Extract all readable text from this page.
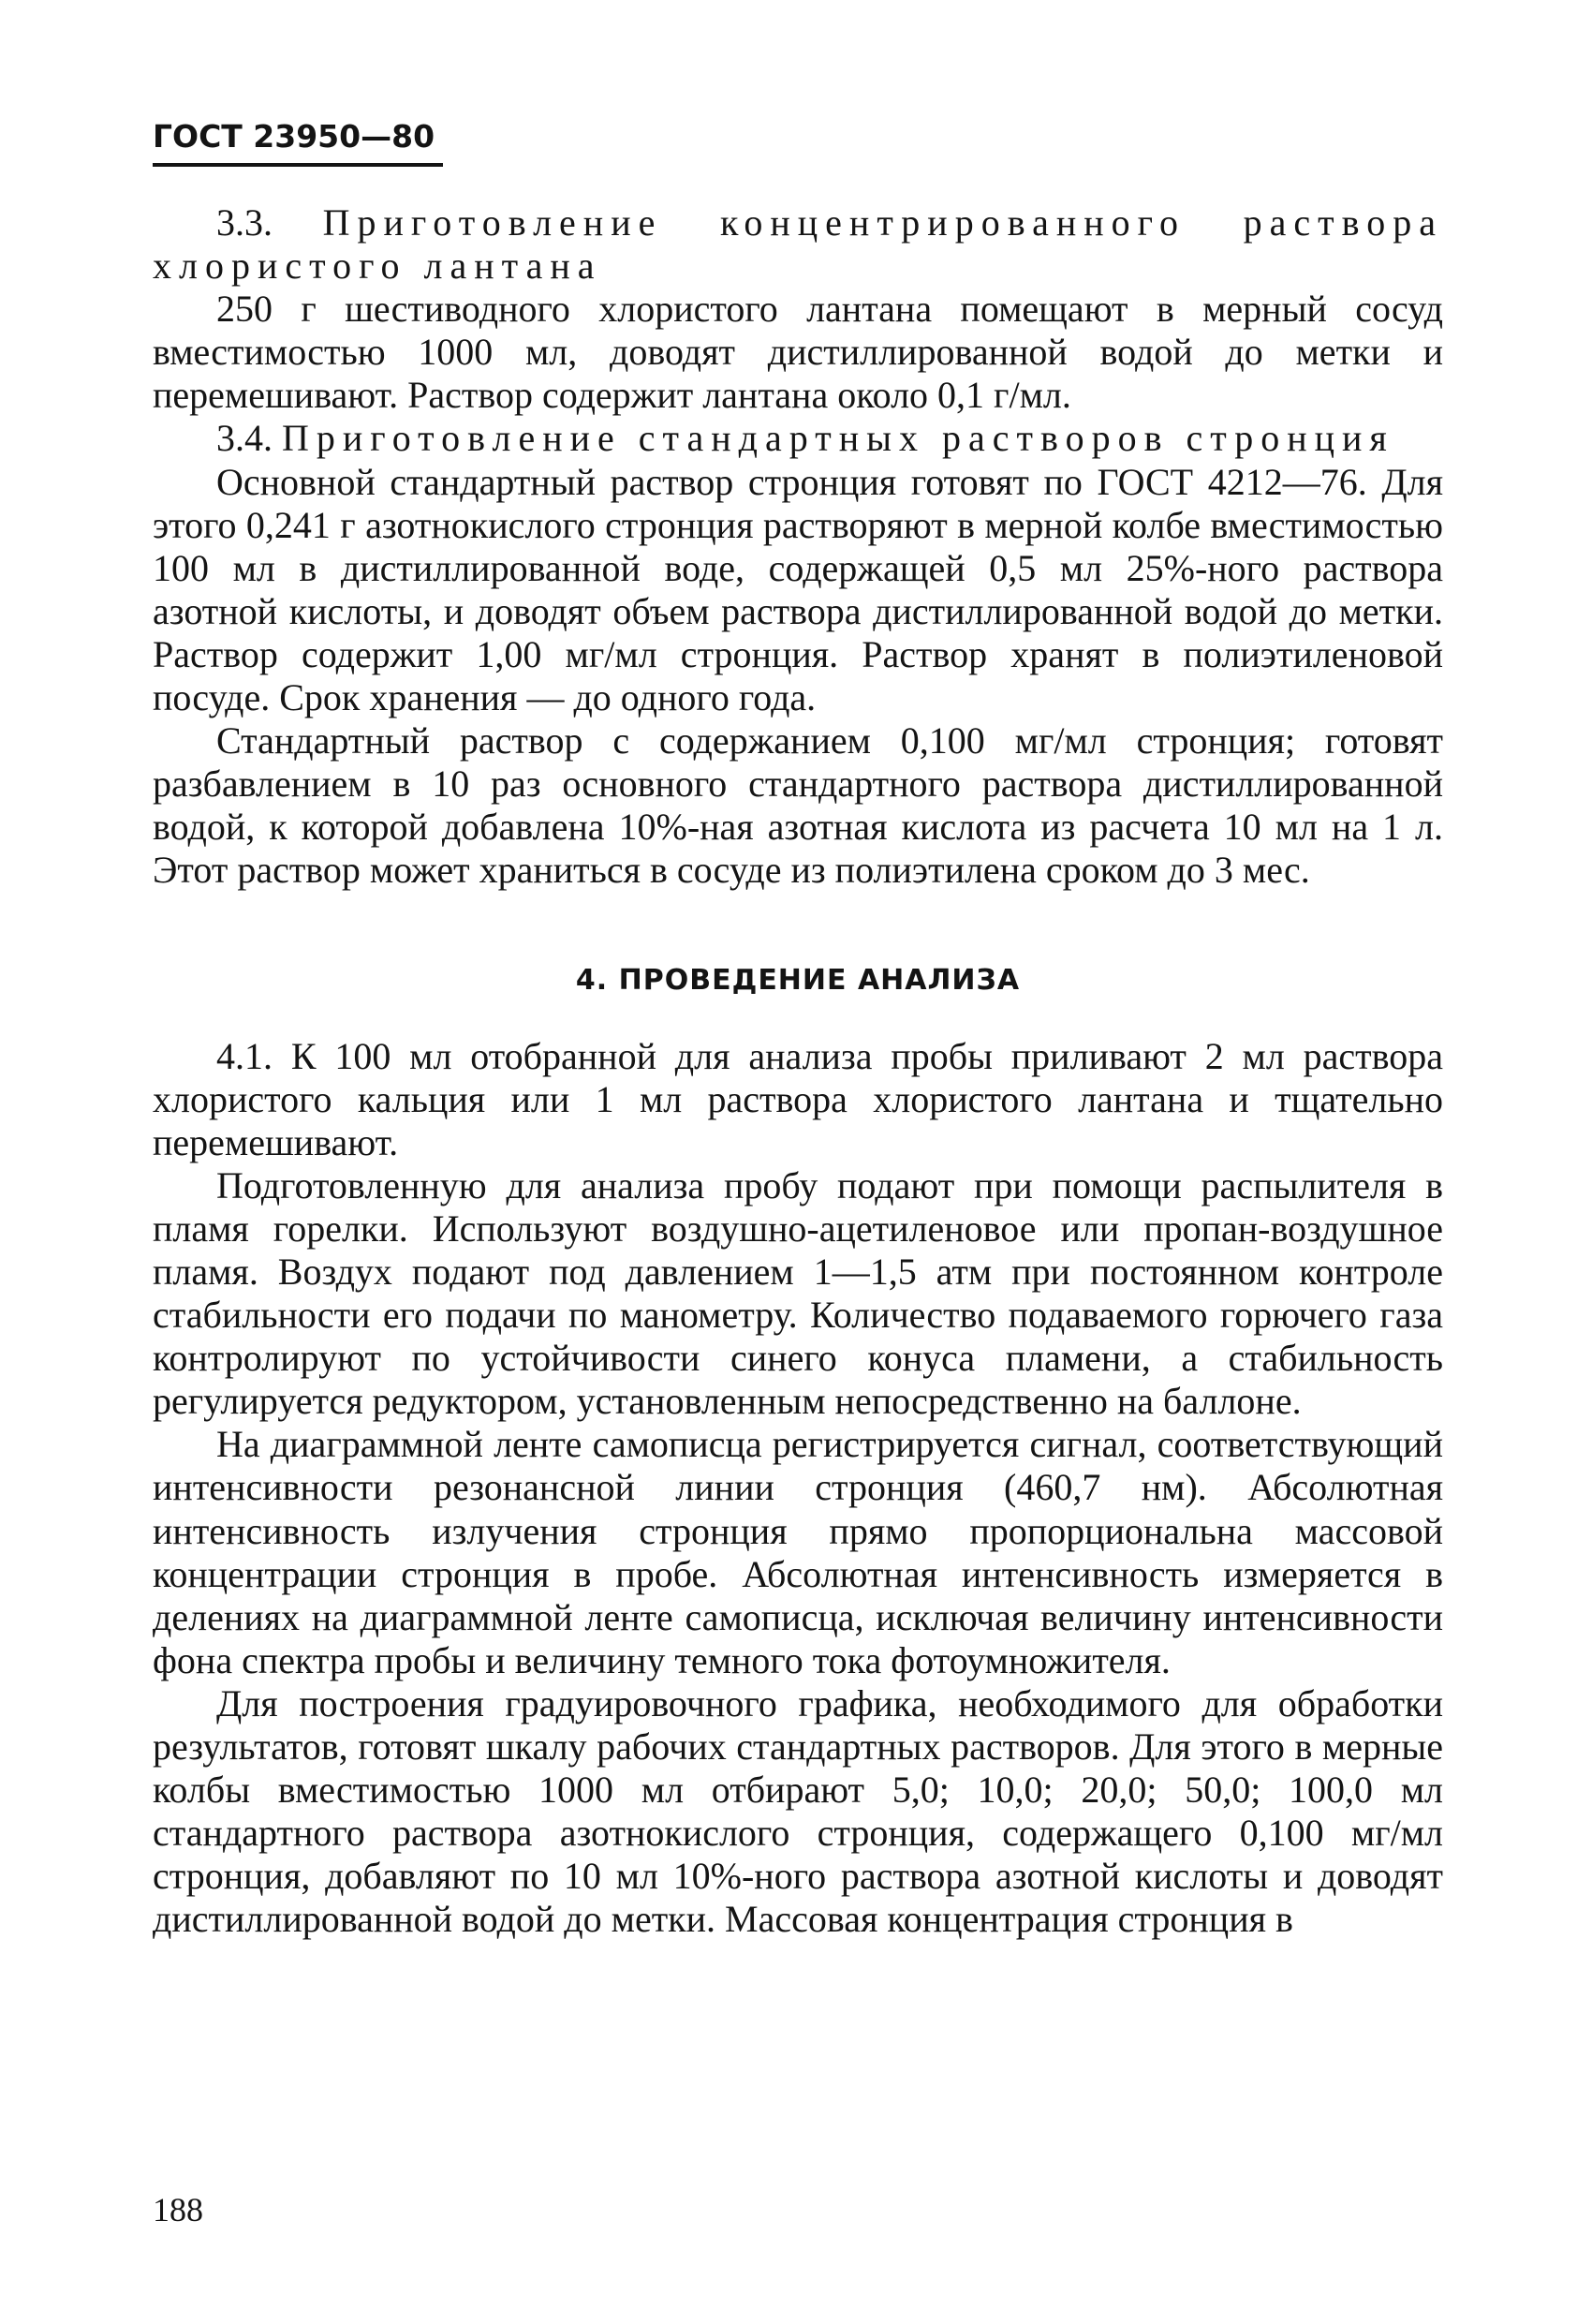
ГОСТ 23950—80

3.3. Приготовление концентрированного раствора хлористого лантана

250 г шестиводного хлористого лантана помещают в мерный сосуд вместимостью 1000 мл, доводят дистиллированной водой до метки и перемешивают. Раствор содержит лантана около 0,1 г/мл.

3.4. Приготовление стандартных растворов стронция

Основной стандартный раствор стронция готовят по ГОСТ 4212—76. Для этого 0,241 г азотнокислого стронция растворяют в мерной колбе вместимостью 100 мл в дистиллированной воде, содержащей 0,5 мл 25%-ного раствора азотной кислоты, и доводят объем раствора дистиллированной водой до метки. Раствор содержит 1,00 мг/мл стронция. Раствор хранят в полиэтиленовой посуде. Срок хранения — до одного года.

Стандартный раствор с содержанием 0,100 мг/мл стронция; готовят разбавлением в 10 раз основного стандартного раствора дистиллированной водой, к которой добавлена 10%-ная азотная кислота из расчета 10 мл на 1 л. Этот раствор может храниться в сосуде из полиэтилена сроком до 3 мес.

4. ПРОВЕДЕНИЕ АНАЛИЗА

4.1. К 100 мл отобранной для анализа пробы приливают 2 мл раствора хлористого кальция или 1 мл раствора хлористого лантана и тщательно перемешивают.

Подготовленную для анализа пробу подают при помощи распылителя в пламя горелки. Используют воздушно-ацетиленовое или пропан-воздушное пламя. Воздух подают под давлением 1—1,5 атм при постоянном контроле стабильности его подачи по манометру. Количество подаваемого горючего газа контролируют по устойчивости синего конуса пламени, а стабильность регулируется редуктором, установленным непосредственно на баллоне.

На диаграммной ленте самописца регистрируется сигнал, соответствующий интенсивности резонансной линии стронция (460,7 нм). Абсолютная интенсивность излучения стронция прямо пропорциональна массовой концентрации стронция в пробе. Абсолютная интенсивность измеряется в делениях на диаграммной ленте самописца, исключая величину интенсивности фона спектра пробы и величину темного тока фотоумножителя.

Для построения градуировочного графика, необходимого для обработки результатов, готовят шкалу рабочих стандартных растворов. Для этого в мерные колбы вместимостью 1000 мл отбирают 5,0; 10,0; 20,0; 50,0; 100,0 мл стандартного раствора азотнокислого стронция, содержащего 0,100 мг/мл стронция, добавляют по 10 мл 10%-ного раствора азотной кислоты и доводят дистиллированной водой до метки. Массовая концентрация стронция в

188
